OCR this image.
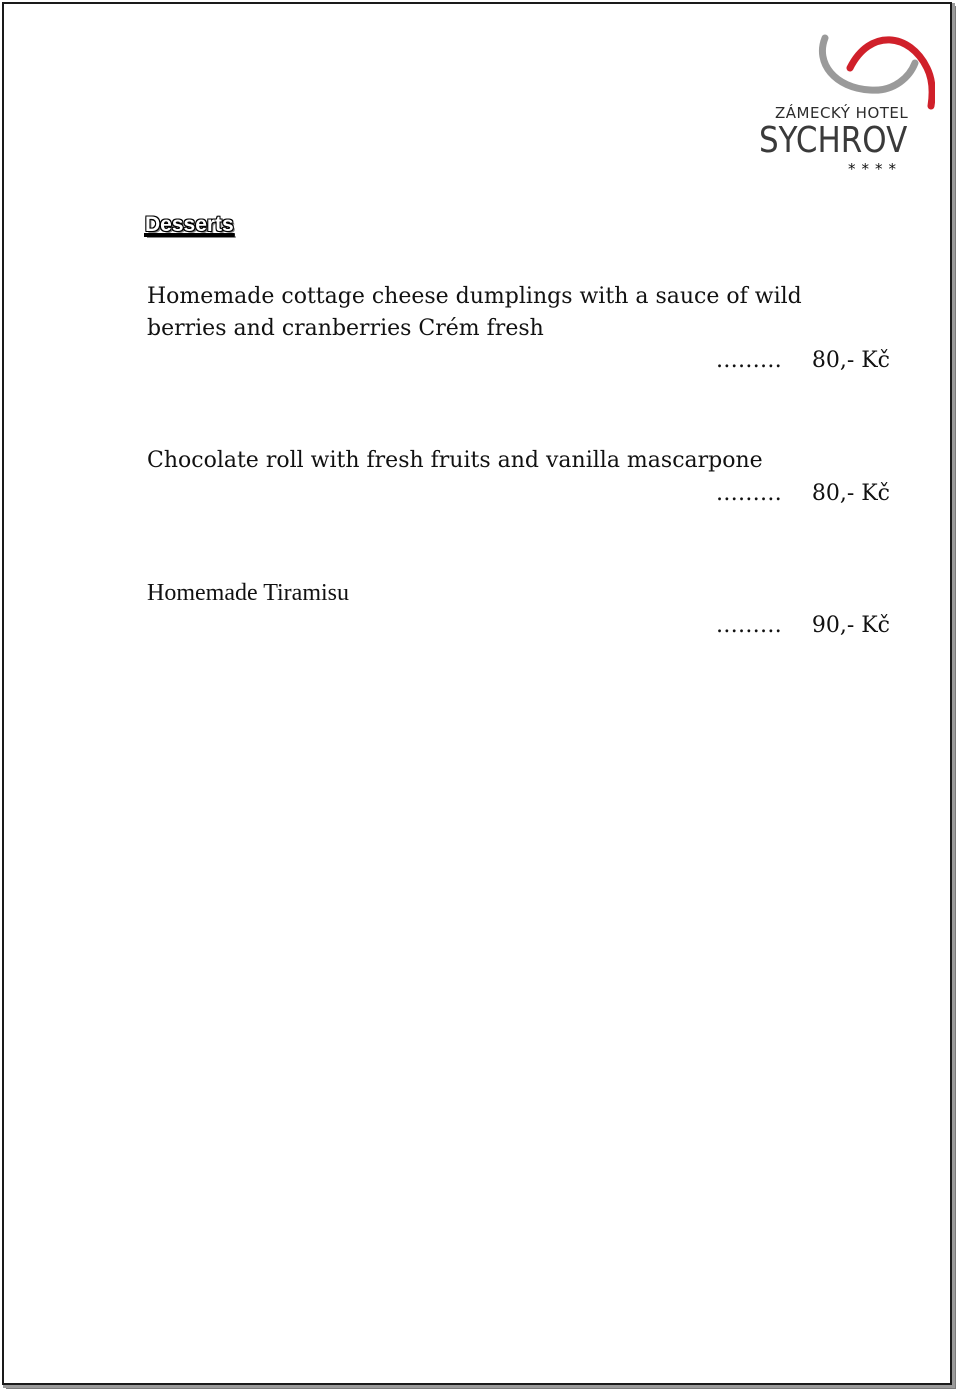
ZÁMECKÝ HOTEL
SYCHROV
****
Desserts
Homemade cottage cheese dumplings with a sauce of wild berries and cranberries Crém fresh
……… 80,- Kč
Chocolate roll with fresh fruits and vanilla mascarpone
……… 80,- Kč
Homemade Tiramisu
……… 90,- Kč
